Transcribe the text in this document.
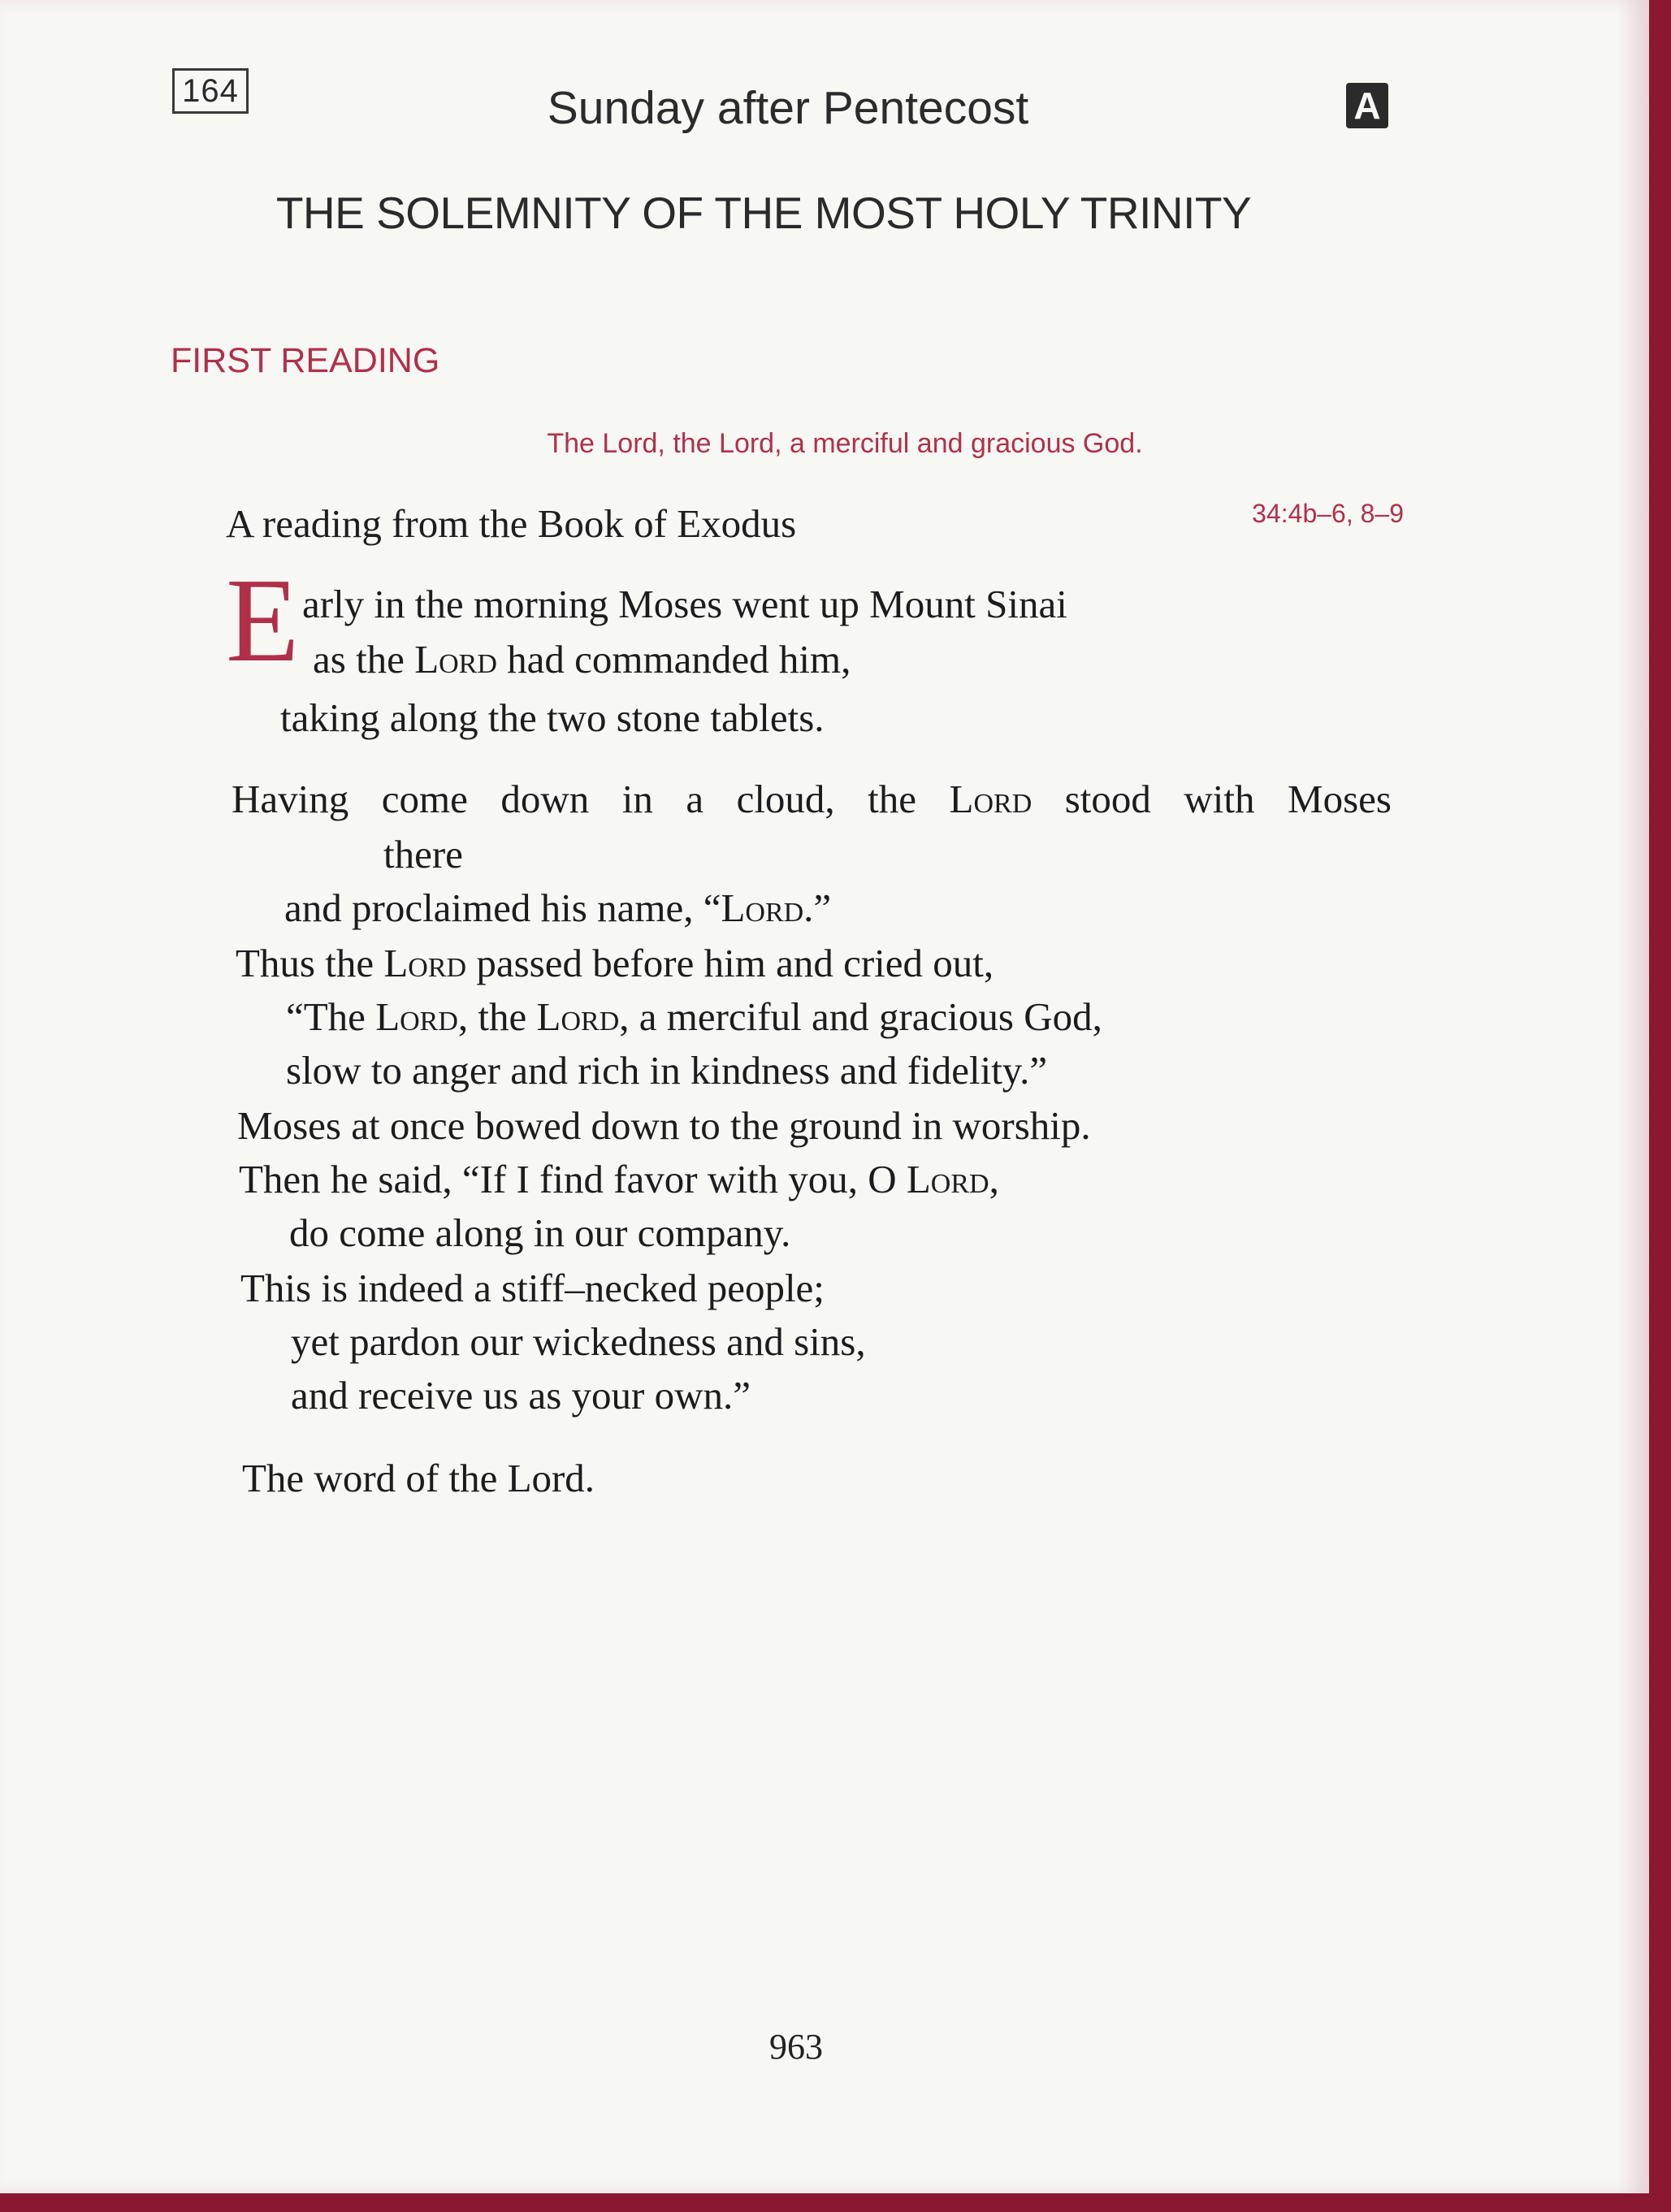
164	Sunday after Pentecost	A
THE SOLEMNITY OF THE MOST HOLY TRINITY
FIRST READING
The Lord, the Lord, a merciful and gracious God.
A reading from the Book of Exodus	34:4b–6, 8–9
E arly in the morning Moses went up Mount Sinai
as the Lord had commanded him,
taking along the two stone tablets.
Having come down in a cloud, the Lord stood with Moses
there
and proclaimed his name, “Lord.”
Thus the Lord passed before him and cried out,
“The Lord, the Lord, a merciful and gracious God,
slow to anger and rich in kindness and fidelity.”
Moses at once bowed down to the ground in worship.
Then he said, “If I find favor with you, O Lord,
do come along in our company.
This is indeed a stiff–necked people;
yet pardon our wickedness and sins,
and receive us as your own.”
The word of the Lord.
963
